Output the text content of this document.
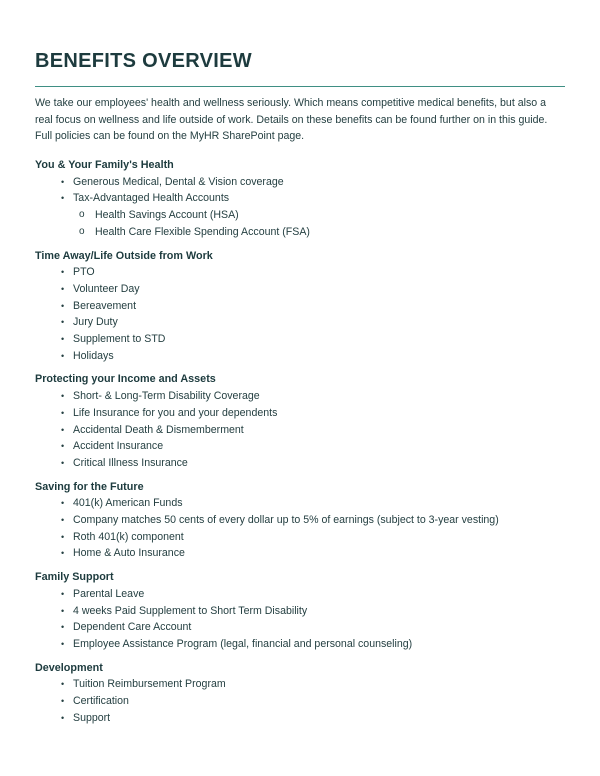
BENEFITS OVERVIEW

We take our employees' health and wellness seriously. Which means competitive medical benefits, but also a real focus on wellness and life outside of work. Details on these benefits can be found further on in this guide. Full policies can be found on the MyHR SharePoint page.

You & Your Family's Health
• Generous Medical, Dental & Vision coverage
• Tax-Advantaged Health Accounts
o Health Savings Account (HSA)
o Health Care Flexible Spending Account (FSA)
Time Away/Life Outside from Work
• PTO
• Volunteer Day
• Bereavement
• Jury Duty
• Supplement to STD
• Holidays
Protecting your Income and Assets
• Short- & Long-Term Disability Coverage
• Life Insurance for you and your dependents
• Accidental Death & Dismemberment
• Accident Insurance
• Critical Illness Insurance
Saving for the Future
• 401(k) American Funds
• Company matches 50 cents of every dollar up to 5% of earnings (subject to 3-year vesting)
• Roth 401(k) component
• Home & Auto Insurance
Family Support
• Parental Leave
• 4 weeks Paid Supplement to Short Term Disability
• Dependent Care Account
• Employee Assistance Program (legal, financial and personal counseling)
Development
• Tuition Reimbursement Program
• Certification
• Support
